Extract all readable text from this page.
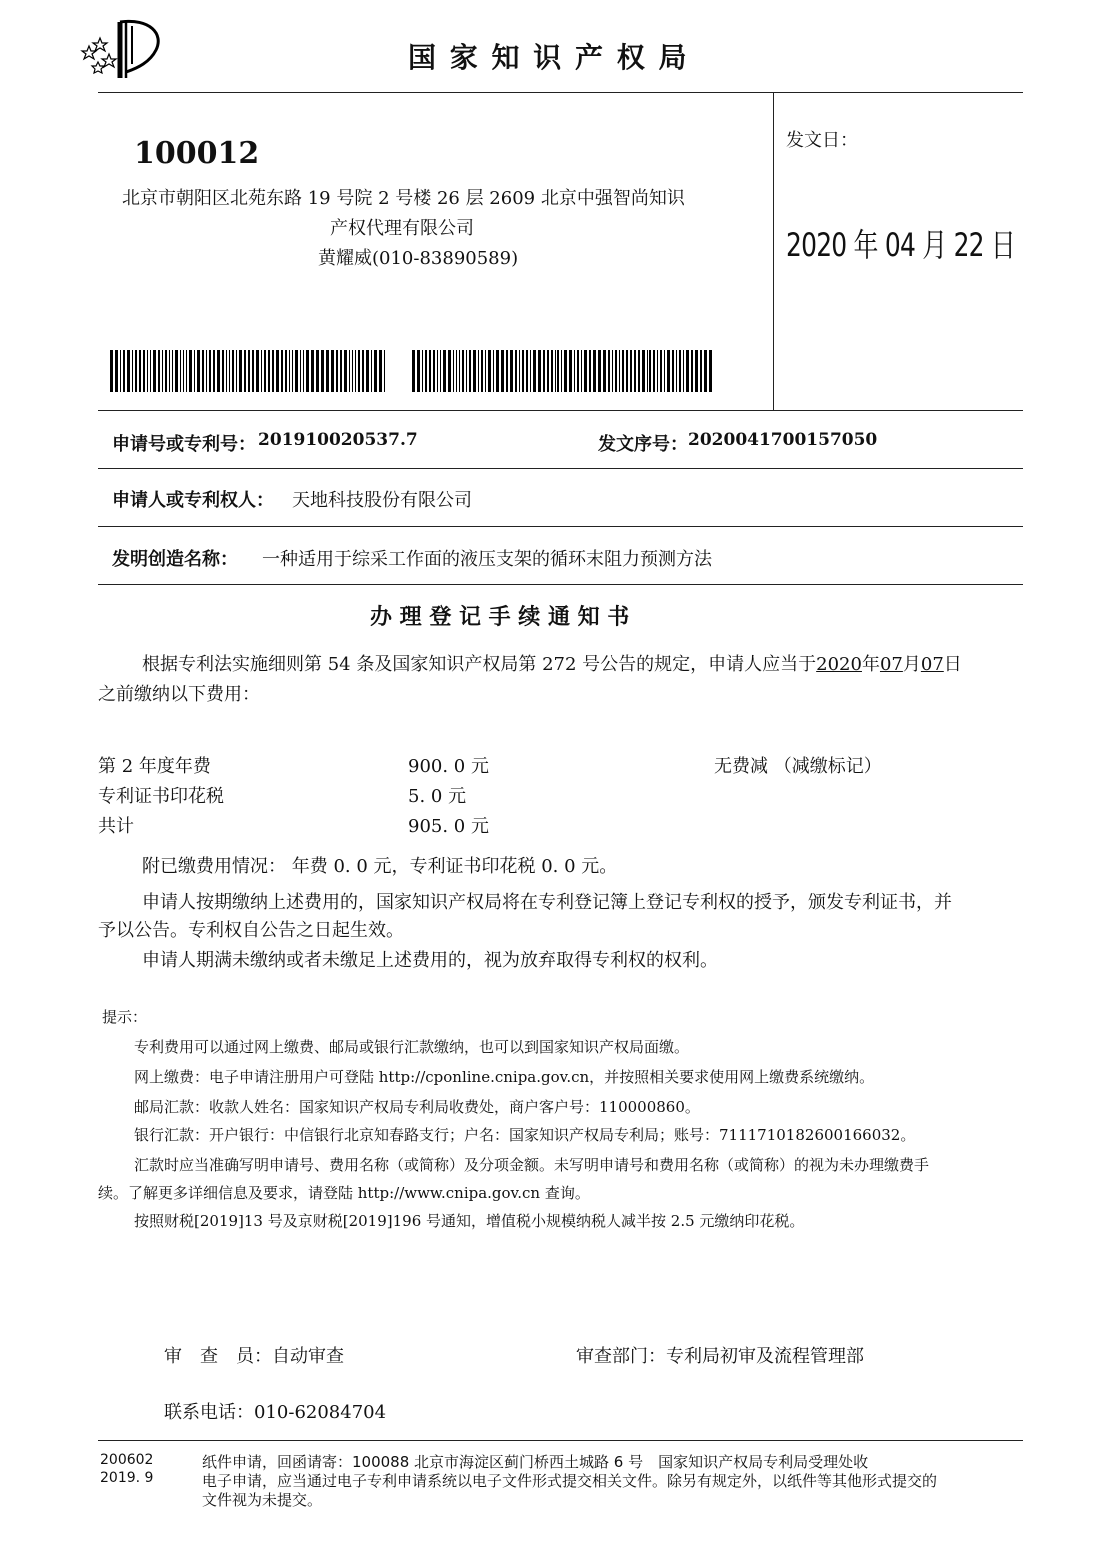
国 家 知 识 产 权 局
100012
北京市朝阳区北苑东路 19 号院 2 号楼 26 层 2609 北京中强智尚知识
产权代理有限公司
黄耀威(010-83890589)
发文日：
2020 年 04 月 22 日
申请号或专利号： 201910020537.7	发文序号： 2020041700157050
申请人或专利权人： 天地科技股份有限公司
发明创造名称： 一种适用于综采工作面的液压支架的循环末阻力预测方法
办 理 登 记 手 续 通 知 书
根据专利法实施细则第 54 条及国家知识产权局第 272 号公告的规定，申请人应当于2020年07月07日
之前缴纳以下费用：
第 2 年度年费	900. 0 元	无费减 （减缴标记）
专利证书印花税	5. 0 元
共计	905. 0 元
附已缴费用情况： 年费 0. 0 元，专利证书印花税 0. 0 元。
申请人按期缴纳上述费用的，国家知识产权局将在专利登记簿上登记专利权的授予，颁发专利证书，并
予以公告。专利权自公告之日起生效。
申请人期满未缴纳或者未缴足上述费用的，视为放弃取得专利权的权利。
提示：
专利费用可以通过网上缴费、邮局或银行汇款缴纳，也可以到国家知识产权局面缴。
网上缴费：电子申请注册用户可登陆 http://cponline.cnipa.gov.cn，并按照相关要求使用网上缴费系统缴纳。
邮局汇款：收款人姓名：国家知识产权局专利局收费处，商户客户号：110000860。
银行汇款：开户银行：中信银行北京知春路支行；户名：国家知识产权局专利局；账号：7111710182600166032。
汇款时应当准确写明申请号、费用名称（或简称）及分项金额。未写明申请号和费用名称（或简称）的视为未办理缴费手
续。了解更多详细信息及要求，请登陆 http://www.cnipa.gov.cn 查询。
按照财税[2019]13 号及京财税[2019]196 号通知，增值税小规模纳税人减半按 2.5 元缴纳印花税。
审　查　员：自动审查	审查部门：专利局初审及流程管理部
联系电话：010-62084704
200602
2019. 9
纸件申请，回函请寄：100088 北京市海淀区蓟门桥西土城路 6 号　国家知识产权局专利局受理处收
电子申请，应当通过电子专利申请系统以电子文件形式提交相关文件。除另有规定外，以纸件等其他形式提交的
文件视为未提交。
